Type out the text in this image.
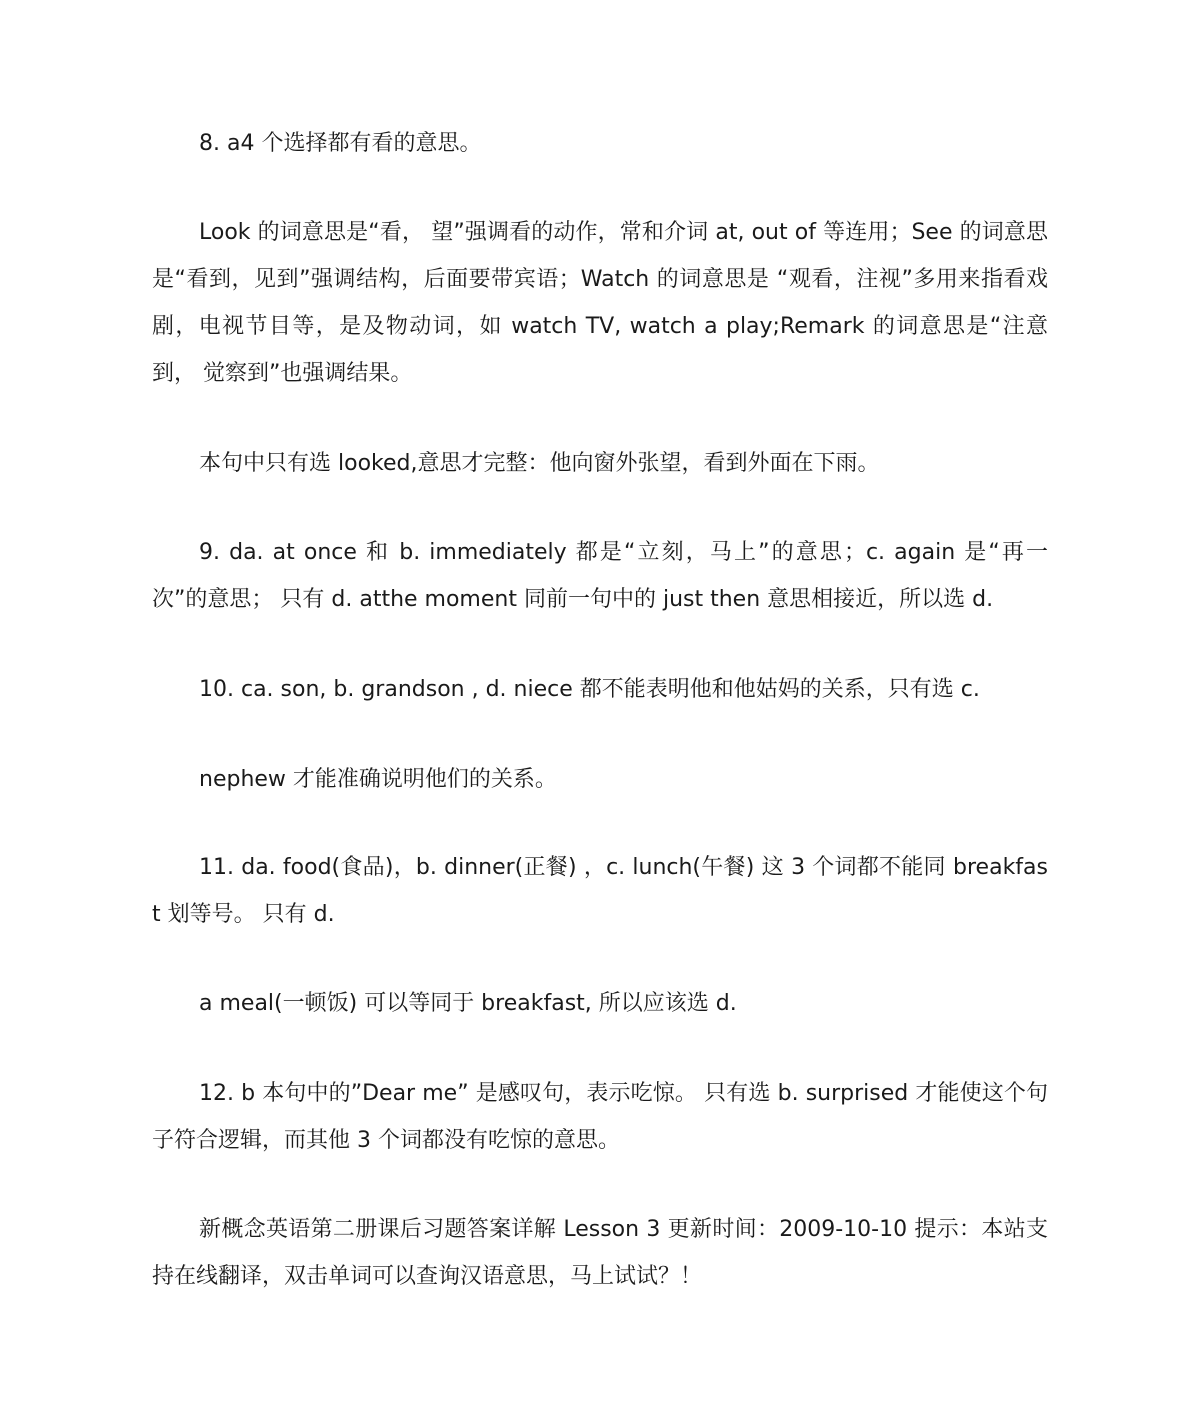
8. a4 个选择都有看的意思。

Look 的词意思是“看， 望”强调看的动作，常和介词 at, out of 等连用；See 的词意思是“看到，见到”强调结构，后面要带宾语；Watch 的词意思是 “观看，注视”多用来指看戏剧，电视节目等，是及物动词，如 watch TV, watch a play;Remark 的词意思是“注意到， 觉察到”也强调结果。

本句中只有选 looked,意思才完整：他向窗外张望，看到外面在下雨。

9. da. at once 和 b. immediately 都是“立刻，马上”的意思；c. again 是“再一次”的意思； 只有 d. atthe moment 同前一句中的 just then 意思相接近，所以选 d.

10. ca. son, b. grandson , d. niece 都不能表明他和他姑妈的关系，只有选 c.

nephew 才能准确说明他们的关系。

11. da. food(食品)，b. dinner(正餐) ，c. lunch(午餐) 这 3 个词都不能同 breakfast 划等号。 只有 d.

a meal(一顿饭) 可以等同于 breakfast, 所以应该选 d.

12. b 本句中的”Dear me” 是感叹句，表示吃惊。 只有选 b. surprised 才能使这个句子符合逻辑，而其他 3 个词都没有吃惊的意思。

新概念英语第二册课后习题答案详解 Lesson 3 更新时间：2009-10-10 提示：本站支持在线翻译，双击单词可以查询汉语意思，马上试试？！
